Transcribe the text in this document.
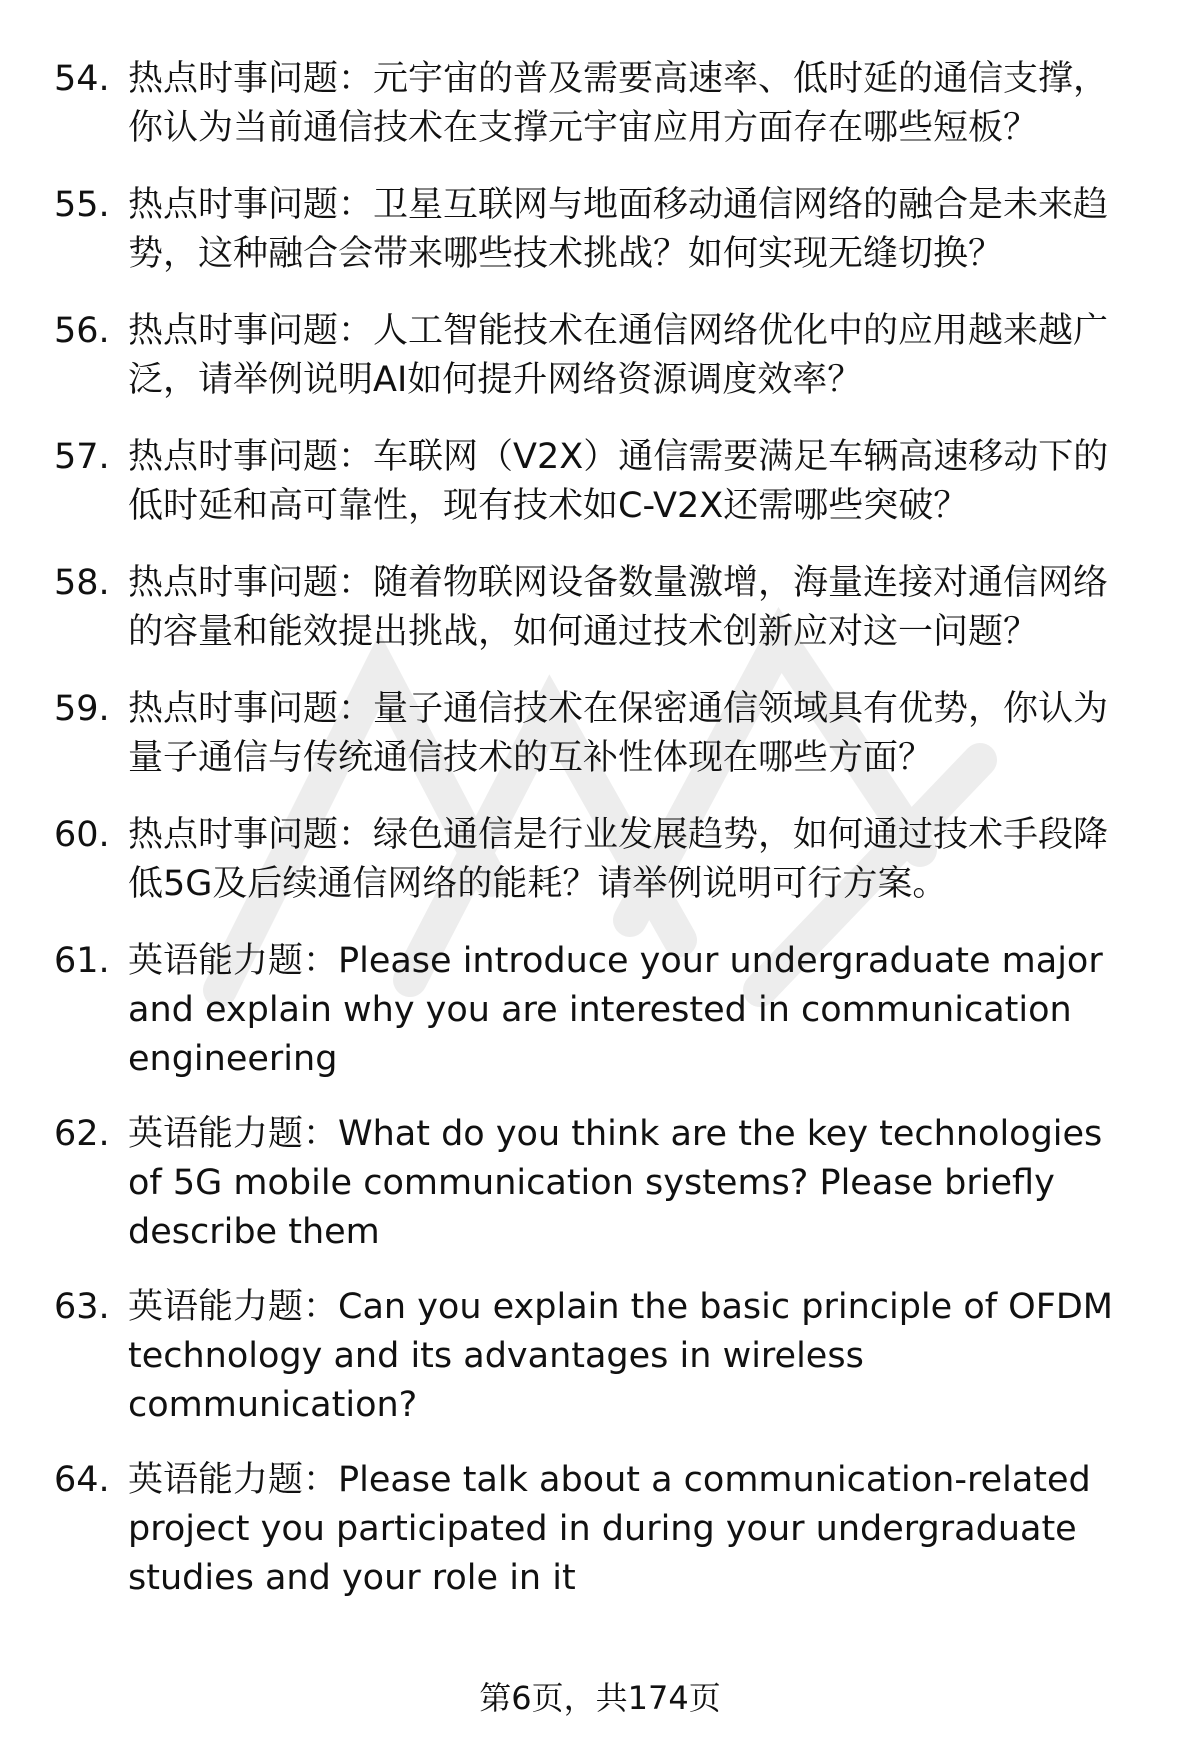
54. 热点时事问题：元宇宙的普及需要高速率、低时延的通信支撑，你认为当前通信技术在支撑元宇宙应用方面存在哪些短板？
55. 热点时事问题：卫星互联网与地面移动通信网络的融合是未来趋势，这种融合会带来哪些技术挑战？如何实现无缝切换？
56. 热点时事问题：人工智能技术在通信网络优化中的应用越来越广泛，请举例说明AI如何提升网络资源调度效率？
57. 热点时事问题：车联网（V2X）通信需要满足车辆高速移动下的低时延和高可靠性，现有技术如C-V2X还需哪些突破？
58. 热点时事问题：随着物联网设备数量激增，海量连接对通信网络的容量和能效提出挑战，如何通过技术创新应对这一问题？
59. 热点时事问题：量子通信技术在保密通信领域具有优势，你认为量子通信与传统通信技术的互补性体现在哪些方面？
60. 热点时事问题：绿色通信是行业发展趋势，如何通过技术手段降低5G及后续通信网络的能耗？请举例说明可行方案。
61. 英语能力题：Please introduce your undergraduate major and explain why you are interested in communication engineering
62. 英语能力题：What do you think are the key technologies of 5G mobile communication systems? Please briefly describe them
63. 英语能力题：Can you explain the basic principle of OFDM technology and its advantages in wireless communication?
64. 英语能力题：Please talk about a communication-related project you participated in during your undergraduate studies and your role in it
第6页，共174页
